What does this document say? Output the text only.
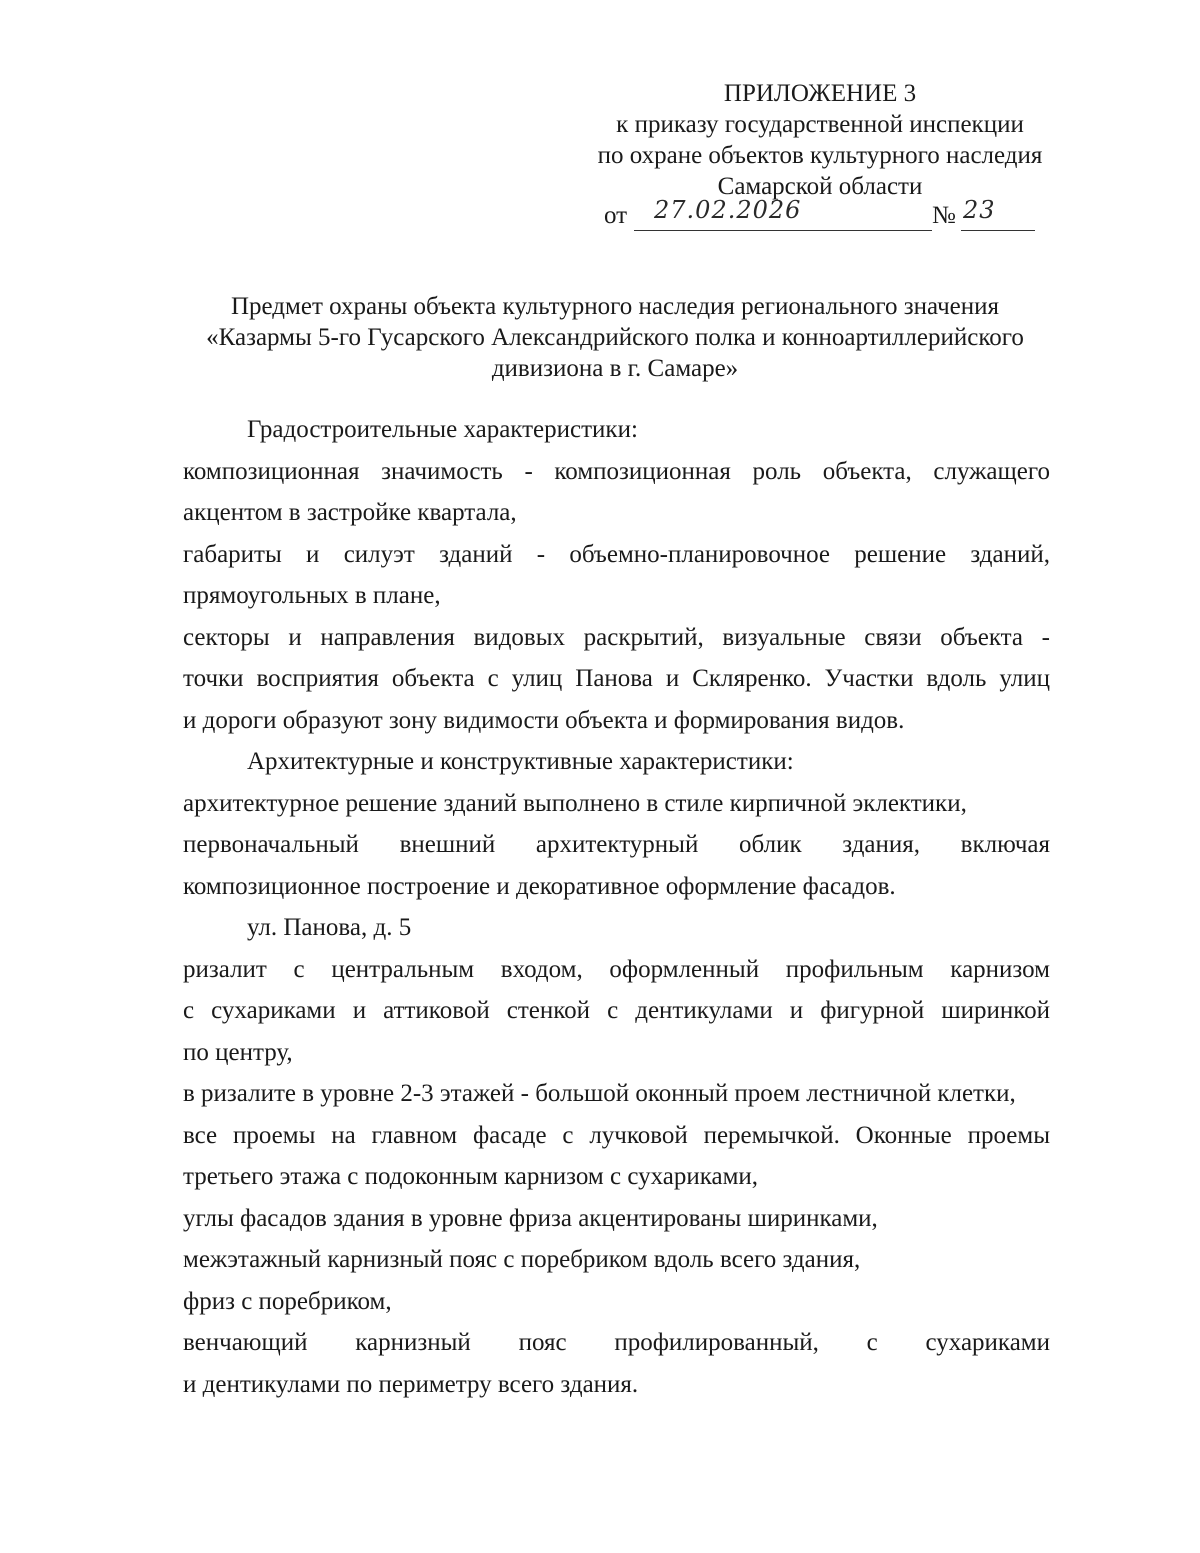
ПРИЛОЖЕНИЕ 3
к приказу государственной инспекции
по охране объектов культурного наследия
Самарской области
от 27.02.2026	№ 23
Предмет охраны объекта культурного наследия регионального значения
«Казармы 5-го Гусарского Александрийского полка и конноартиллерийского
дивизиона в г. Самаре»

Градостроительные характеристики:

композиционная значимость - композиционная роль объекта, служащего
акцентом в застройке квартала,

габариты и силуэт зданий - объемно-планировочное решение зданий,
прямоугольных в плане,

секторы и направления видовых раскрытий, визуальные связи объекта -
точки восприятия объекта с улиц Панова и Скляренко. Участки вдоль улиц
и дороги образуют зону видимости объекта и формирования видов.

Архитектурные и конструктивные характеристики:

архитектурное решение зданий выполнено в стиле кирпичной эклектики,

первоначальный внешний архитектурный облик здания, включая
композиционное построение и декоративное оформление фасадов.

ул. Панова, д. 5

ризалит с центральным входом, оформленный профильным карнизом
с сухариками и аттиковой стенкой с дентикулами и фигурной ширинкой
по центру,

в ризалите в уровне 2-3 этажей - большой оконный проем лестничной клетки,

все проемы на главном фасаде с лучковой перемычкой. Оконные проемы
третьего этажа с подоконным карнизом с сухариками,

углы фасадов здания в уровне фриза акцентированы ширинками,

межэтажный карнизный пояс с поребриком вдоль всего здания,

фриз с поребриком,

венчающий карнизный пояс профилированный, с сухариками
и дентикулами по периметру всего здания.
